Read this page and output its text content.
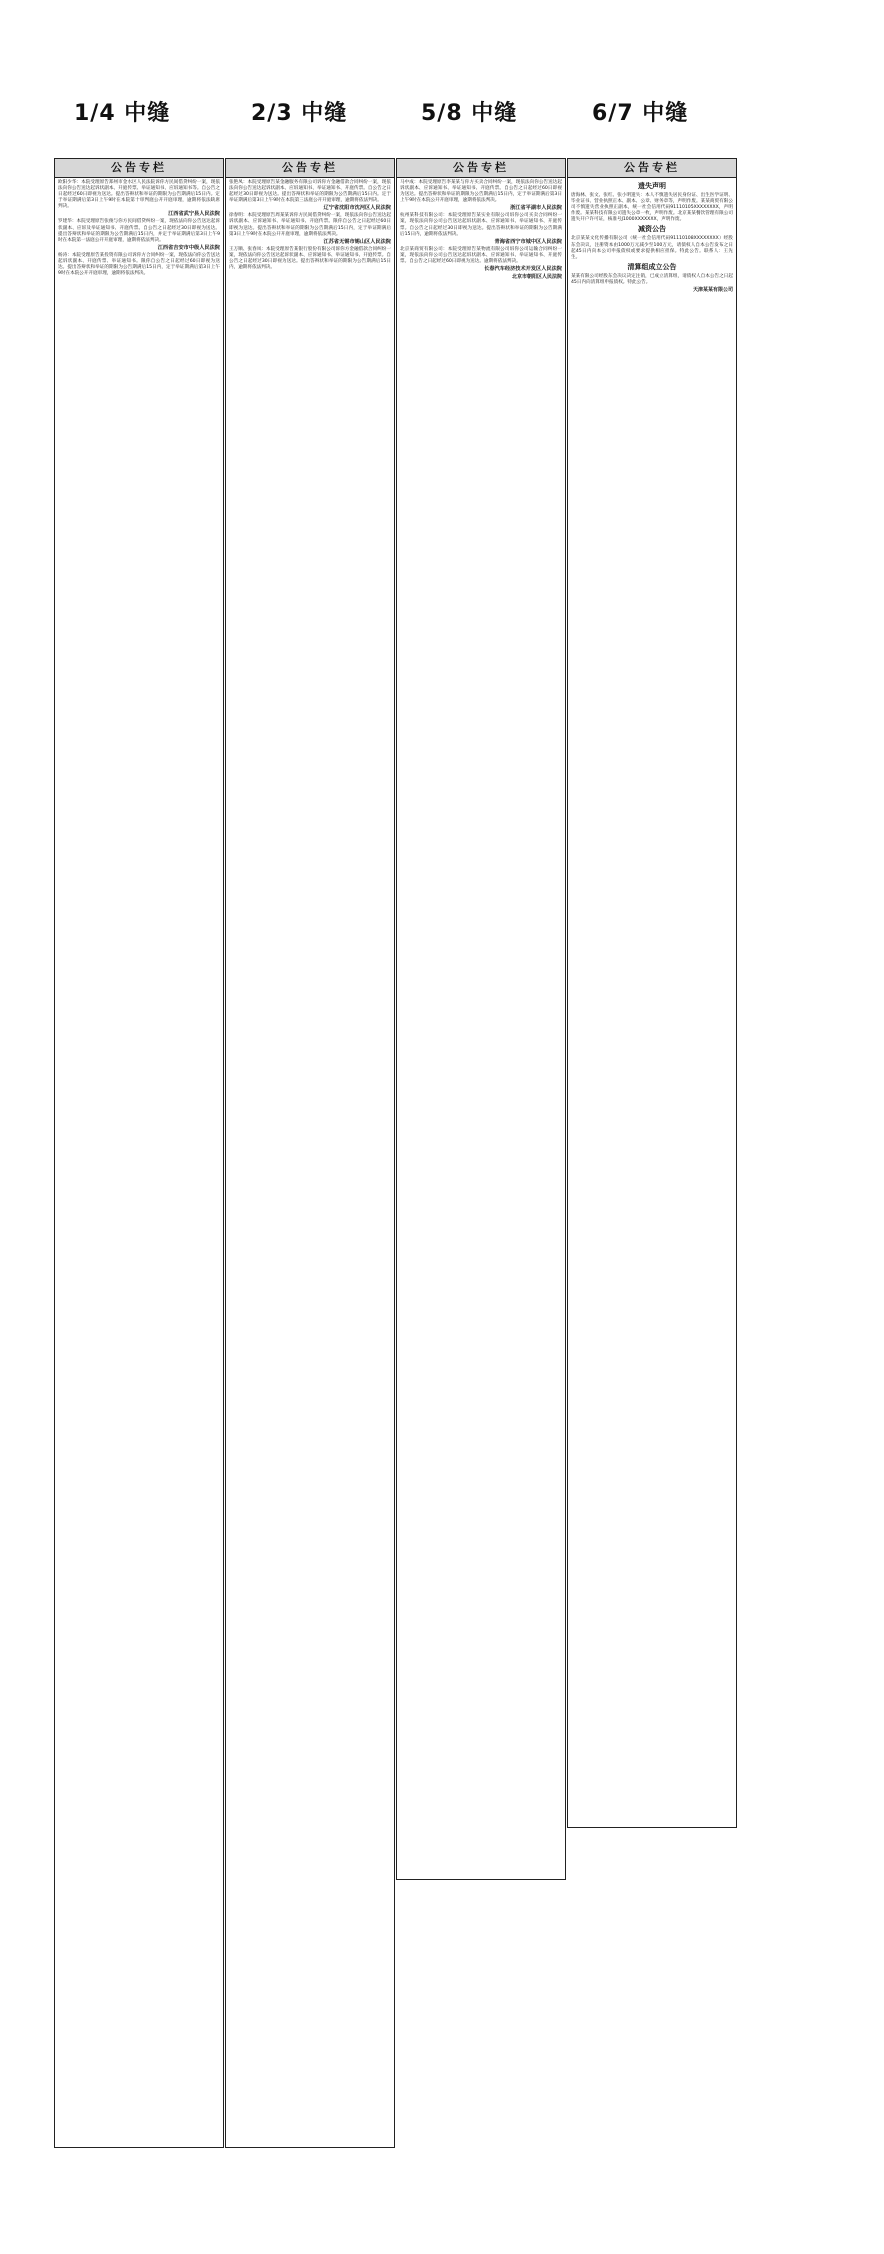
1/4 中缝	2/3 中缝	5/8 中缝	6/7 中缝
公告专栏

欧阳少华：本院受理原告郑州市金水区人民法院诉你方民间借贷纠纷一案，现依法向你公告送达起诉状副本、开庭传票、举证通知书、应诉通知书等。自公告之日起经过60日即视为送达。提出答辩状和举证的期限为公告期满后15日内。定于举证期满后第3日上午9时在本院第十审判庭公开开庭审理，逾期将依法缺席判决。

江西省武宁县人民法院

罗建华：本院受理原告张俊与你方民间借贷纠纷一案，现依法向你公告送达起诉状副本、应诉及举证通知书、开庭传票。自公告之日起经过30日即视为送达。提出答辩状和举证的期限为公告期满后15日内，并定于举证期满后第3日上午9时在本院第一法庭公开开庭审理，逾期将依法判决。

江西省吉安市中级人民法院

杨涛：本院受理原告某投资有限公司诉你方合同纠纷一案，现依法向你公告送达起诉状副本、开庭传票、举证通知书。限你自公告之日起经过60日即视为送达。提出答辩状和举证的期限为公告期满后15日内，定于举证期满后第3日上午9时在本院公开开庭审理，逾期将依法判决。

公告专栏

张艳凤：本院受理原告某金融服务有限公司诉你方金融借款合同纠纷一案，现依法向你公告送达起诉状副本、应诉通知书、举证通知书、开庭传票。自公告之日起经过30日即视为送达。提出答辩状和举证的期限为公告期满后15日内。定于举证期满后第3日上午9时在本院第三法庭公开开庭审理，逾期将依法判决。

辽宁省沈阳市沈河区人民法院

徐春明：本院受理原告周某某诉你方民间借贷纠纷一案，现依法向你公告送达起诉状副本、应诉通知书、举证通知书、开庭传票。限你自公告之日起经过60日即视为送达。提出答辩状和举证的期限为公告期满后15日内，定于举证期满后第3日上午9时在本院公开开庭审理，逾期将依法判决。

江苏省无锡市锡山区人民法院

王万顺、张春凤：本院受理原告某银行股份有限公司诉你方金融借款合同纠纷一案，现依法向你公告送达起诉状副本、应诉通知书、举证通知书、开庭传票。自公告之日起经过30日即视为送达。提出答辩状和举证的期限为公告期满后15日内，逾期将依法判决。

公告专栏

马中成：本院受理原告李某某与你方买卖合同纠纷一案，现依法向你公告送达起诉状副本、应诉通知书、举证通知书、开庭传票。自公告之日起经过60日即视为送达。提出答辩状和举证的期限为公告期满后15日内，定于举证期满后第3日上午9时在本院公开开庭审理，逾期将依法判决。

浙江省平湖市人民法院

杭州某科技有限公司：本院受理原告某实业有限公司诉你公司买卖合同纠纷一案，现依法向你公司公告送达起诉状副本、应诉通知书、举证通知书、开庭传票。自公告之日起经过30日即视为送达。提出答辩状和举证的期限为公告期满后15日内，逾期将依法判决。

青海省西宁市城中区人民法院

北京某商贸有限公司：本院受理原告某物流有限公司诉你公司运输合同纠纷一案，现依法向你公司公告送达起诉状副本、应诉通知书、举证通知书、开庭传票。自公告之日起经过60日即视为送达。逾期将依法判决。

长春汽车经济技术开发区人民法院
北京市朝阳区人民法院
公告专栏
遗失声明

唐海林、张文、张红、张小明遗失：本人不慎遗失居民身份证、出生医学证明、毕业证书、营业执照正本、副本、公章、财务章等，声明作废。某某商贸有限公司不慎遗失营业执照正副本，统一社会信用代码91110105XXXXXXXX，声明作废。某某科技有限公司遗失公章一枚，声明作废。北京某某餐饮管理有限公司遗失开户许可证，核准号J1000XXXXXXX，声明作废。

减资公告

北京某某文化传播有限公司（统一社会信用代码91110108XXXXXXXX）经股东会决议，注册资本由1000万元减少至100万元，请债权人自本公告发布之日起45日内向本公司申报债权或要求提供相应担保。特此公告。联系人：王先生。

清算组成立公告

某某有限公司经股东会决议决定注销，已成立清算组，请债权人自本公告之日起45日内向清算组申报债权。特此公告。

天津某某有限公司
